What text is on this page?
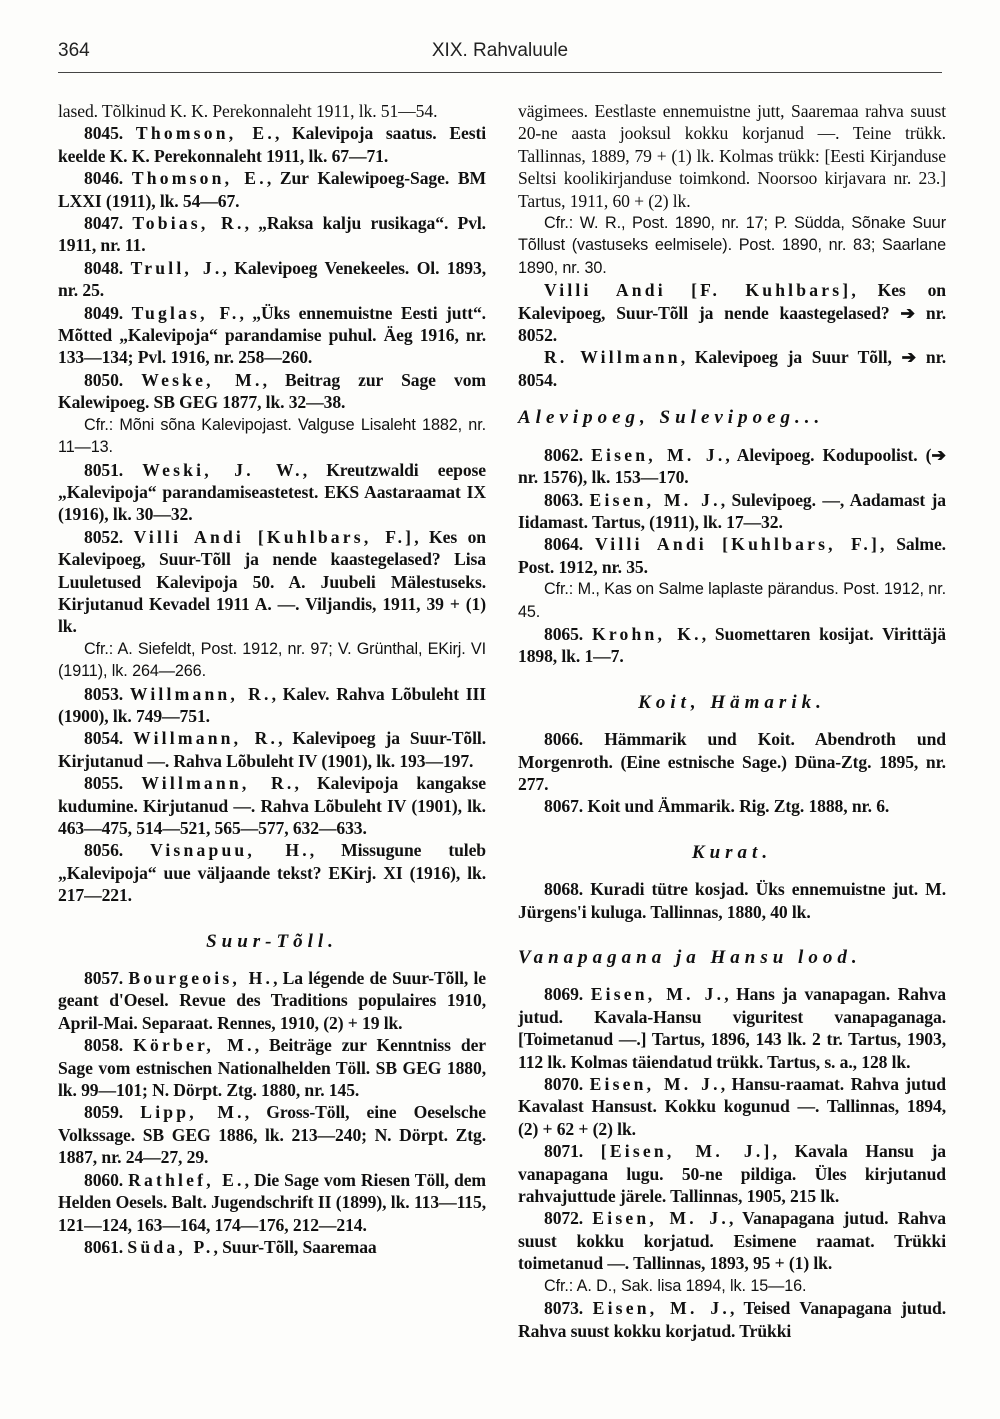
364	XIX. Rahvaluule

lased. Tõlkinud K. K. Perekonnaleht 1911, lk. 51—54.

8045. Thomson, E., Kalevipoja saatus. Eesti keelde K. K. Perekonnaleht 1911, lk. 67—71.

8046. Thomson, E., Zur Kalewipoeg-Sage. BM LXXI (1911), lk. 54—67.

8047. Tobias, R., „Raksa kalju rusikaga“. Pvl. 1911, nr. 11.

8048. Trull, J., Kalevipoeg Venekeeles. Ol. 1893, nr. 25.

8049. Tuglas, F., „Üks ennemuistne Eesti jutt“. Mõtted „Kalevipoja“ parandamise puhul. Äeg 1916, nr. 133—134; Pvl. 1916, nr. 258—260.

8050. Weske, M., Beitrag zur Sage vom Kalewipoeg. SB GEG 1877, lk. 32—38.

Cfr.: Mõni sõna Kalevipojast. Valguse Lisaleht 1882, nr. 11—13.

8051. Weski, J. W., Kreutzwaldi eepose „Kalevipoja“ parandamiseastetest. EKS Aastaraamat IX (1916), lk. 30—32.

8052. Villi Andi [Kuhlbars, F.], Kes on Kalevipoeg, Suur-Tõll ja nende kaastegelased? Lisa Luuletused Kalevipoja 50. A. Juubeli Mälestuseks. Kirjutanud Kevadel 1911 A. —. Viljandis, 1911, 39 + (1) lk.

Cfr.: A. Siefeldt, Post. 1912, nr. 97; V. Grünthal, EKirj. VI (1911), lk. 264—266.

8053. Willmann, R., Kalev. Rahva Lõbuleht III (1900), lk. 749—751.

8054. Willmann, R., Kalevipoeg ja Suur-Tõll. Kirjutanud —. Rahva Lõbuleht IV (1901), lk. 193—197.

8055. Willmann, R., Kalevipoja kangakse kudumine. Kirjutanud —. Rahva Lõbuleht IV (1901), lk. 463—475, 514—521, 565—577, 632—633.

8056. Visnapuu, H., Missugune tuleb „Kalevipoja“ uue väljaande tekst? EKirj. XI (1916), lk. 217—221.

Suur-Tõll.

8057. Bourgeois, H., La légende de Suur-Tõll, le geant d'Oesel. Revue des Traditions populaires 1910, April-Mai. Separaat. Rennes, 1910, (2) + 19 lk.

8058. Körber, M., Beiträge zur Kenntniss der Sage vom estnischen Nationalhelden Töll. SB GEG 1880, lk. 99—101; N. Dörpt. Ztg. 1880, nr. 145.

8059. Lipp, M., Gross-Töll, eine Oeselsche Volkssage. SB GEG 1886, lk. 213—240; N. Dörpt. Ztg. 1887, nr. 24—27, 29.

8060. Rathlef, E., Die Sage vom Riesen Töll, dem Helden Oesels. Balt. Jugendschrift II (1899), lk. 113—115, 121—124, 163—164, 174—176, 212—214.

8061. Süda, P., Suur-Tõll, Saaremaa

vägimees. Eestlaste ennemuistne jutt, Saaremaa rahva suust 20-ne aasta jooksul kokku korjanud —. Teine trükk. Tallinnas, 1889, 79 + (1) lk. Kolmas trükk: [Eesti Kirjanduse Seltsi koolikirjanduse toimkond. Noorsoo kirjavara nr. 23.] Tartus, 1911, 60 + (2) lk.

Cfr.: W. R., Post. 1890, nr. 17; P. Südda, Sõnake Suur Tõllust (vastuseks eelmisele). Post. 1890, nr. 83; Saarlane 1890, nr. 30.

Villi Andi [F. Kuhlbars], Kes on Kalevipoeg, Suur-Tõll ja nende kaastegelased? ➔ nr. 8052.

R. Willmann, Kalevipoeg ja Suur Tõll, ➔ nr. 8054.

Alevipoeg, Sulevipoeg...

8062. Eisen, M. J., Alevipoeg. Kodupoolist. (➔ nr. 1576), lk. 153—170.

8063. Eisen, M. J., Sulevipoeg. —, Aadamast ja Iidamast. Tartus, (1911), lk. 17—32.

8064. Villi Andi [Kuhlbars, F.], Salme. Post. 1912, nr. 35.

Cfr.: M., Kas on Salme laplaste pärandus. Post. 1912, nr. 45.

8065. Krohn, K., Suomettaren kosijat. Virittäjä 1898, lk. 1—7.

Koit, Hämarik.

8066. Hämmarik und Koit. Abendroth und Morgenroth. (Eine estnische Sage.) Düna-Ztg. 1895, nr. 277.

8067. Koit und Ämmarik. Rig. Ztg. 1888, nr. 6.

Kurat.

8068. Kuradi tütre kosjad. Üks ennemuistne jut. M. Jürgens'i kuluga. Tallinnas, 1880, 40 lk.

Vanapagana ja Hansu lood.

8069. Eisen, M. J., Hans ja vanapagan. Rahva jutud. Kavala-Hansu viguritest vanapaganaga. [Toimetanud —.] Tartus, 1896, 143 lk. 2 tr. Tartus, 1903, 112 lk. Kolmas täiendatud trükk. Tartus, s. a., 128 lk.

8070. Eisen, M. J., Hansu-raamat. Rahva jutud Kavalast Hansust. Kokku kogunud —. Tallinnas, 1894, (2) + 62 + (2) lk.

8071. [Eisen, M. J.], Kavala Hansu ja vanapagana lugu. 50-ne pildiga. Üles kirjutanud rahvajuttude järele. Tallinnas, 1905, 215 lk.

8072. Eisen, M. J., Vanapagana jutud. Rahva suust kokku korjatud. Esimene raamat. Trükki toimetanud —. Tallinnas, 1893, 95 + (1) lk.

Cfr.: A. D., Sak. lisa 1894, lk. 15—16.

8073. Eisen, M. J., Teised Vanapagana jutud. Rahva suust kokku korjatud. Trükki
